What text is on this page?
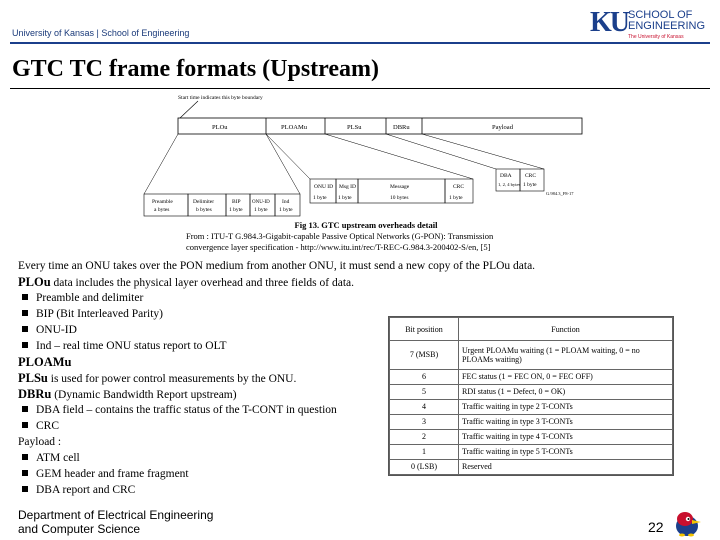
University of Kansas | School of Engineering	KU SCHOOL OF
ENGINEERING
The University of Kansas
GTC TC frame formats (Upstream)
Start time indicates this byte boundary
PLOu	PLOAMu	PLSu	DBRu	Payload
Preamble
a bytes
Delimiter
b bytes
BIP
1 byte
ONU-ID
1 byte
Ind
1 byte
ONU ID
1 byte
Msg ID
1 byte
Message
10 bytes
CRC
1 byte
DBA
1, 2, 4 bytes
CRC
1 byte
G.984.3_F8-17
Fig 13. GTC upstream overheads detail
From : ITU-T G.984.3-Gigabit-capable Passive Optical Networks (G-PON): Transmission
convergence layer specification - http://www.itu.int/rec/T-REC-G.984.3-200402-S/en, [5]
Every time an ONU takes over the PON medium from another ONU, it must send a new copy of the PLOu data.
PLOu data includes the physical layer overhead and three fields of data.
Preamble and delimiter
BIP (Bit Interleaved Parity)
ONU-ID
Ind – real time ONU status report to OLT
PLOAMu
PLSu is used for power control measurements by the ONU.
DBRu (Dynamic Bandwidth Report upstream)
DBA field – contains the traffic status of the T-CONT in question
CRC
Payload :
ATM cell
GEM header and frame fragment
DBA report and CRC
Bit position	Function
7 (MSB)	Urgent PLOAMu waiting (1 = PLOAM waiting, 0 = no PLOAMs waiting)
6	FEC status (1 = FEC ON, 0 = FEC OFF)
5	RDI status (1 = Defect, 0 = OK)
4	Traffic waiting in type 2 T-CONTs
3	Traffic waiting in type 3 T-CONTs
2	Traffic waiting in type 4 T-CONTs
1	Traffic waiting in type 5 T-CONTs
0 (LSB)	Reserved
Department of Electrical Engineering
and Computer Science	22
